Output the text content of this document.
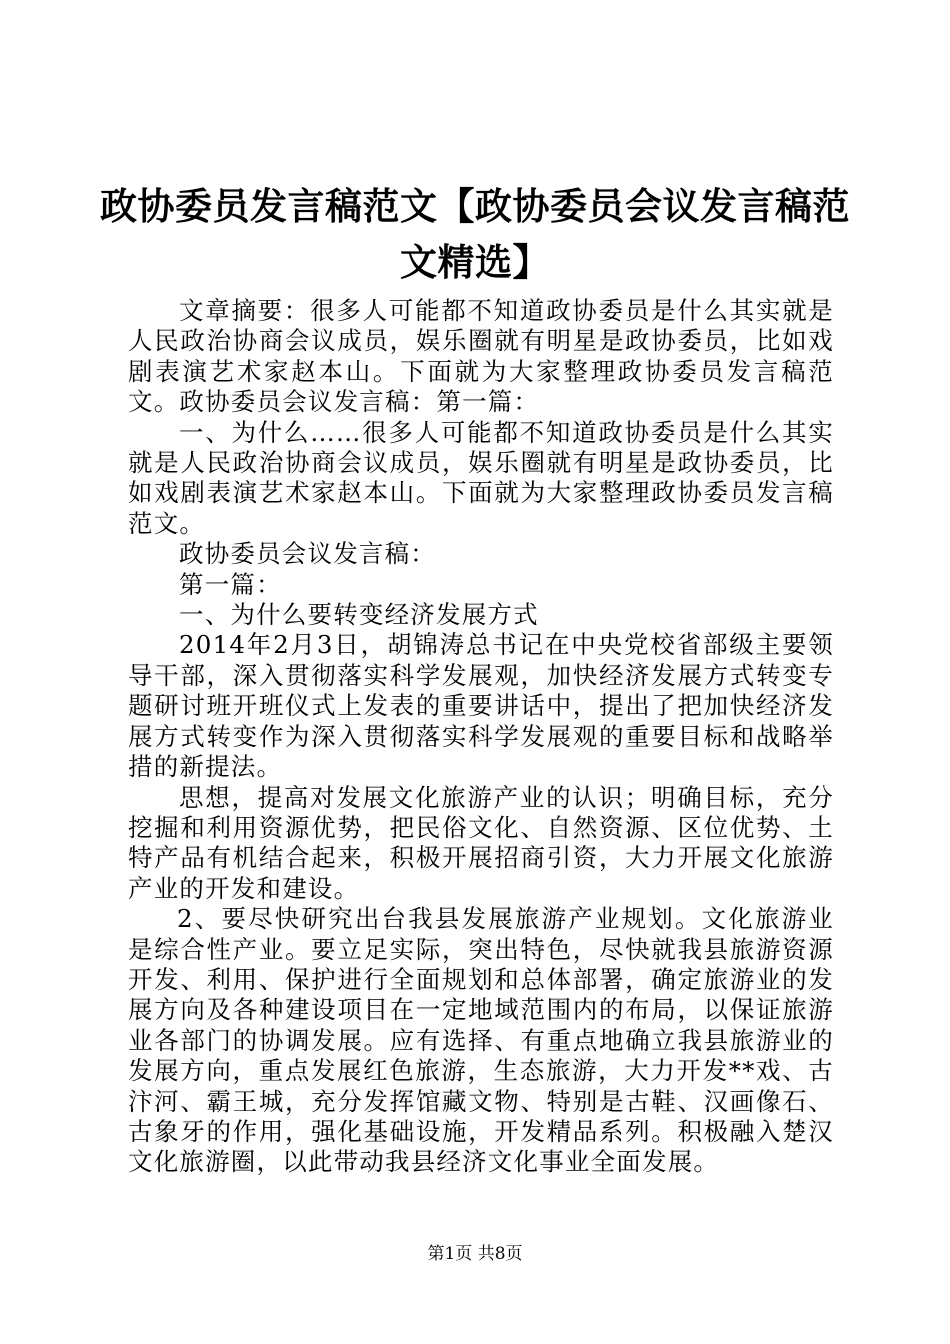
政协委员发言稿范文【政协委员会议发言稿范
文精选】

文章摘要：很多人可能都不知道政协委员是什么其实就是人民政治协商会议成员，娱乐圈就有明星是政协委员，比如戏剧表演艺术家赵本山。下面就为大家整理政协委员发言稿范文。政协委员会议发言稿：第一篇：

一、为什么……很多人可能都不知道政协委员是什么其实就是人民政治协商会议成员，娱乐圈就有明星是政协委员，比如戏剧表演艺术家赵本山。下面就为大家整理政协委员发言稿范文。

政协委员会议发言稿：

第一篇：

一、为什么要转变经济发展方式

2014年2月3日，胡锦涛总书记在中央党校省部级主要领导干部，深入贯彻落实科学发展观，加快经济发展方式转变专题研讨班开班仪式上发表的重要讲话中，提出了把加快经济发展方式转变作为深入贯彻落实科学发展观的重要目标和战略举措的新提法。

思想，提高对发展文化旅游产业的认识；明确目标，充分挖掘和利用资源优势，把民俗文化、自然资源、区位优势、土特产品有机结合起来，积极开展招商引资，大力开展文化旅游产业的开发和建设。

2、要尽快研究出台我县发展旅游产业规划。文化旅游业是综合性产业。要立足实际，突出特色，尽快就我县旅游资源开发、利用、保护进行全面规划和总体部署，确定旅游业的发展方向及各种建设项目在一定地域范围内的布局，以保证旅游业各部门的协调发展。应有选择、有重点地确立我县旅游业的发展方向，重点发展红色旅游，生态旅游，大力开发**戏、古汴河、霸王城，充分发挥馆藏文物、特别是古鞋、汉画像石、古象牙的作用，强化基础设施，开发精品系列。积极融入楚汉文化旅游圈，以此带动我县经济文化事业全面发展。

第1页 共8页
